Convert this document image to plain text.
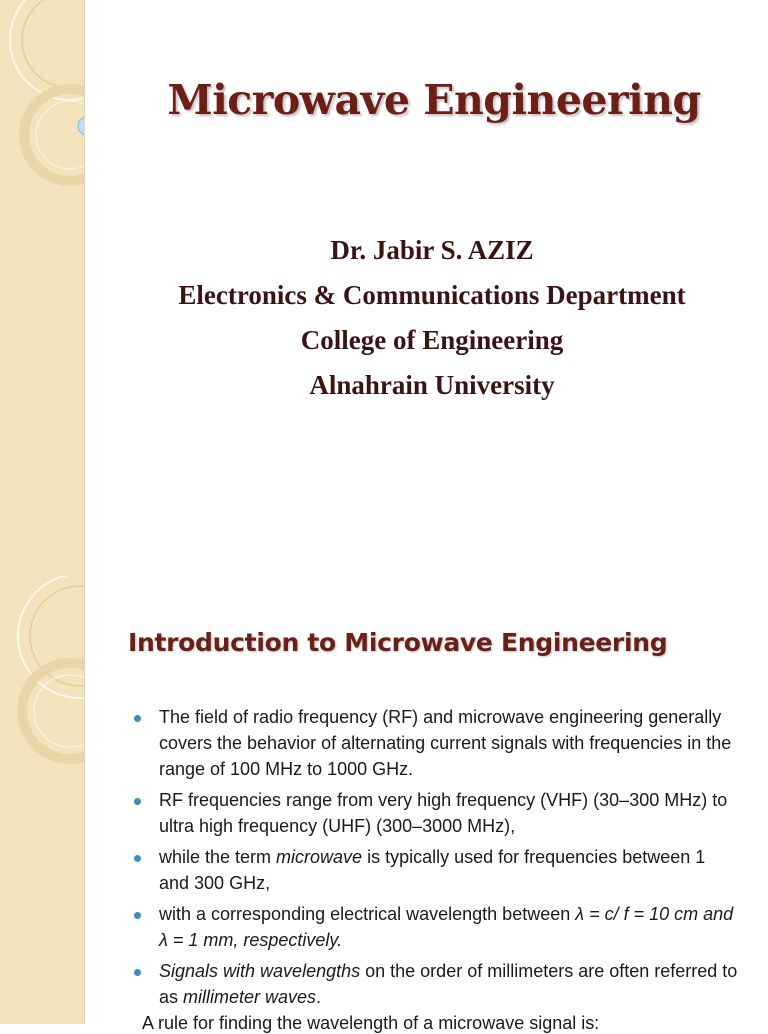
Microwave Engineering
Dr. Jabir S. AZIZ
Electronics & Communications Department
College of Engineering
Alnahrain University
Introduction to Microwave Engineering
The field of radio frequency (RF) and microwave engineering generally covers the behavior of alternating current signals with frequencies in the range of 100 MHz to 1000 GHz.
RF frequencies range from very high frequency (VHF) (30–300 MHz) to ultra high frequency (UHF) (300–3000 MHz),
while the term microwave is typically used for frequencies between 1 and 300 GHz,
with a corresponding electrical wavelength between λ = c/ f = 10 cm and λ = 1 mm, respectively.
Signals with wavelengths on the order of millimeters are often referred to as millimeter waves.

A rule for finding the wavelength of a microwave signal is:
